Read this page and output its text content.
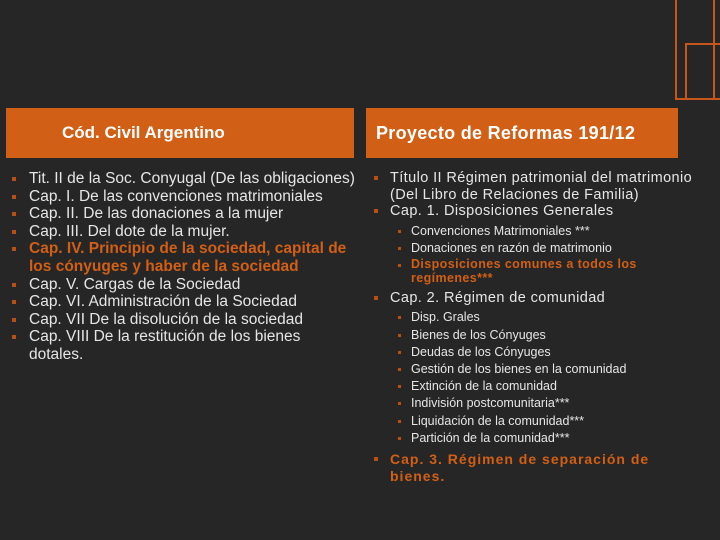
Cód. Civil Argentino	Proyecto de Reformas 191/12
Tit. II de la Soc. Conyugal (De las obligaciones)
Cap. I. De las convenciones matrimoniales
Cap. II. De las donaciones a la mujer
Cap. III. Del dote de la mujer.
Cap. IV. Principio de la sociedad, capital de los cónyuges y haber de la sociedad
Cap. V. Cargas de la Sociedad
Cap. VI. Administración de la Sociedad
Cap. VII De la disolución de la sociedad
Cap. VIII De la restitución de los bienes dotales.
Título II Régimen patrimonial del matrimonio (Del Libro de Relaciones de Familia)
Cap. 1. Disposiciones Generales
Convenciones Matrimoniales ***
Donaciones en razón de matrimonio
Disposiciones comunes a todos los regímenes***
Cap. 2. Régimen de comunidad
Disp. Grales
Bienes de los Cónyuges
Deudas de los Cónyuges
Gestión de los bienes en la comunidad
Extinción de la comunidad
Indivisión postcomunitaria***
Liquidación de la comunidad***
Partición de la comunidad***
Cap. 3. Régimen de separación de bienes.
